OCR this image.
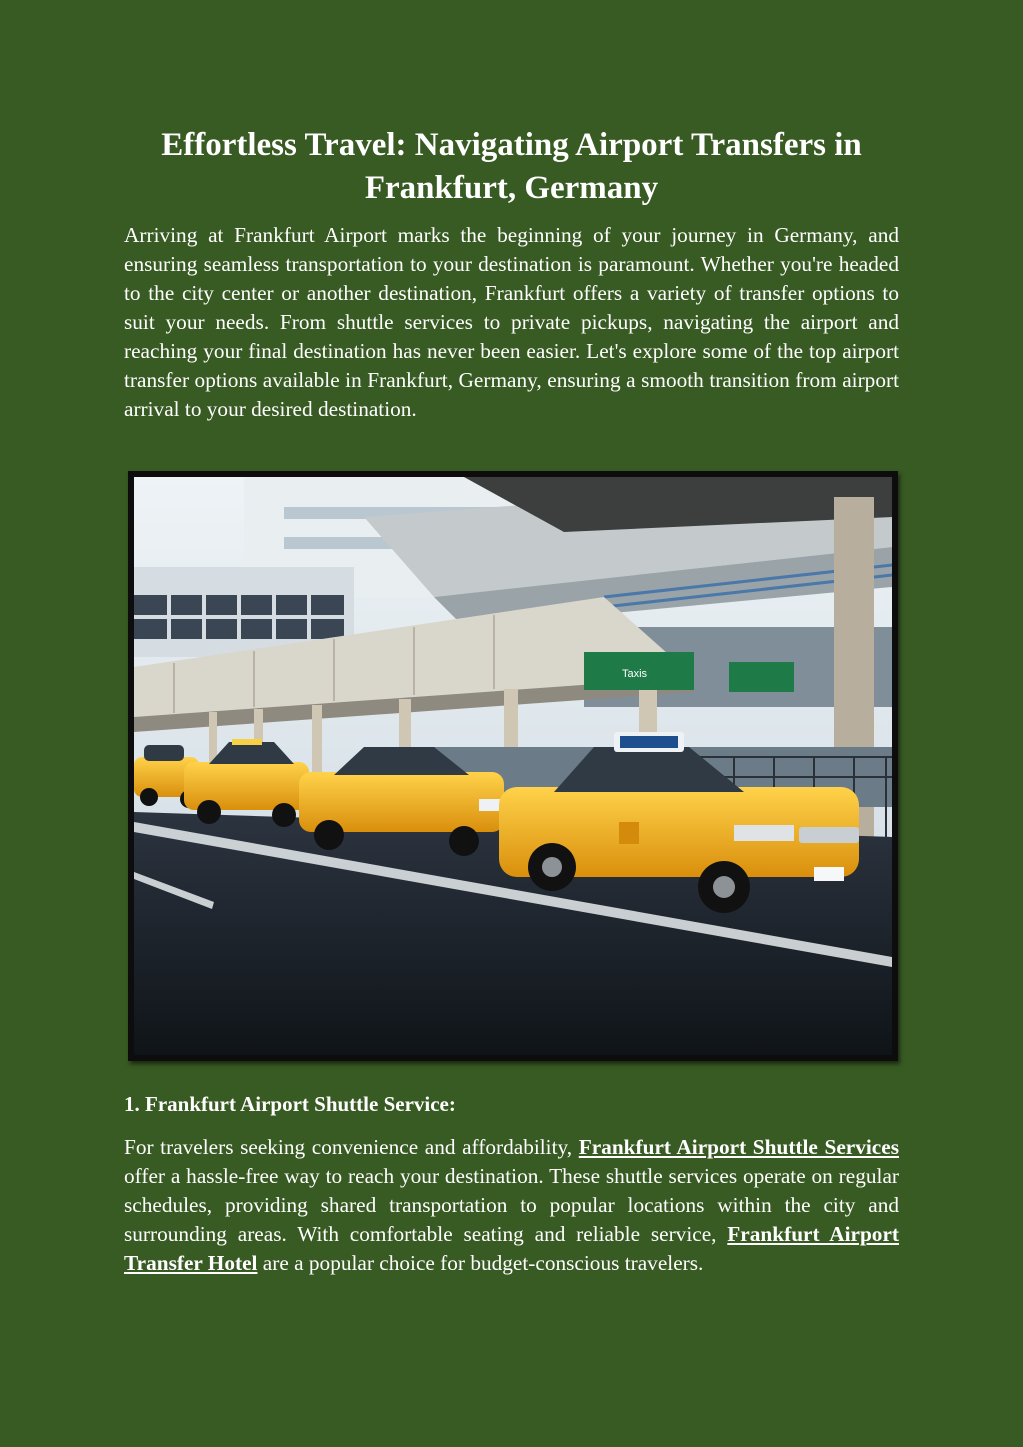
Effortless Travel: Navigating Airport Transfers in Frankfurt, Germany

Arriving at Frankfurt Airport marks the beginning of your journey in Germany, and ensuring seamless transportation to your destination is paramount. Whether you're headed to the city center or another destination, Frankfurt offers a variety of transfer options to suit your needs. From shuttle services to private pickups, navigating the airport and reaching your final destination has never been easier. Let's explore some of the top airport transfer options available in Frankfurt, Germany, ensuring a smooth transition from airport arrival to your desired destination.

Taxis
1. Frankfurt Airport Shuttle Service:

For travelers seeking convenience and affordability, Frankfurt Airport Shuttle Services offer a hassle-free way to reach your destination. These shuttle services operate on regular schedules, providing shared transportation to popular locations within the city and surrounding areas. With comfortable seating and reliable service, Frankfurt Airport Transfer Hotel are a popular choice for budget-conscious travelers.
